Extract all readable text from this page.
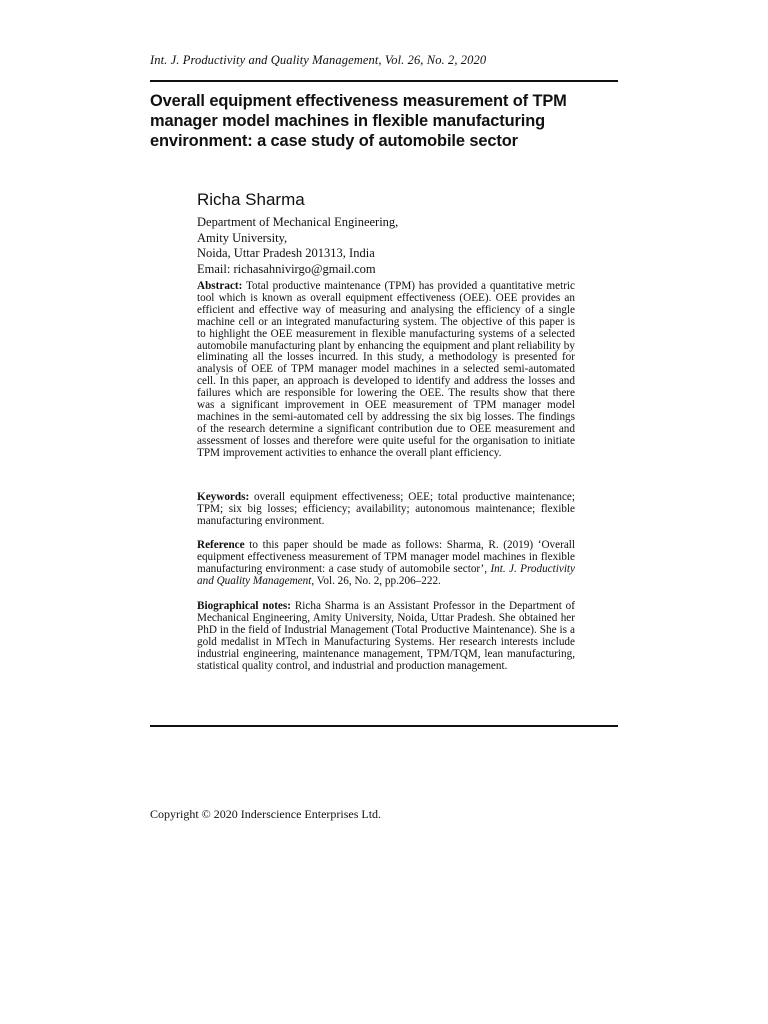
Int. J. Productivity and Quality Management, Vol. 26, No. 2, 2020
Overall equipment effectiveness measurement of TPM
manager model machines in flexible manufacturing
environment: a case study of automobile sector
Richa Sharma
Department of Mechanical Engineering,
Amity University,
Noida, Uttar Pradesh 201313, India
Email: richasahnivirgo@gmail.com
Abstract: Total productive maintenance (TPM) has provided a quantitative metric tool which is known as overall equipment effectiveness (OEE). OEE provides an efficient and effective way of measuring and analysing the efficiency of a single machine cell or an integrated manufacturing system. The objective of this paper is to highlight the OEE measurement in flexible manufacturing systems of a selected automobile manufacturing plant by enhancing the equipment and plant reliability by eliminating all the losses incurred. In this study, a methodology is presented for analysis of OEE of TPM manager model machines in a selected semi-automated cell. In this paper, an approach is developed to identify and address the losses and failures which are responsible for lowering the OEE. The results show that there was a significant improvement in OEE measurement of TPM manager model machines in the semi-automated cell by addressing the six big losses. The findings of the research determine a significant contribution due to OEE measurement and assessment of losses and therefore were quite useful for the organisation to initiate TPM improvement activities to enhance the overall plant efficiency.
Keywords: overall equipment effectiveness; OEE; total productive maintenance; TPM; six big losses; efficiency; availability; autonomous maintenance; flexible manufacturing environment.
Reference to this paper should be made as follows: Sharma, R. (2019) ‘Overall equipment effectiveness measurement of TPM manager model machines in flexible manufacturing environment: a case study of automobile sector’, Int. J. Productivity and Quality Management, Vol. 26, No. 2, pp.206–222.
Biographical notes: Richa Sharma is an Assistant Professor in the Department of Mechanical Engineering, Amity University, Noida, Uttar Pradesh. She obtained her PhD in the field of Industrial Management (Total Productive Maintenance). She is a gold medalist in MTech in Manufacturing Systems. Her research interests include industrial engineering, maintenance management, TPM/TQM, lean manufacturing, statistical quality control, and industrial and production management.
Copyright © 2020 Inderscience Enterprises Ltd.
